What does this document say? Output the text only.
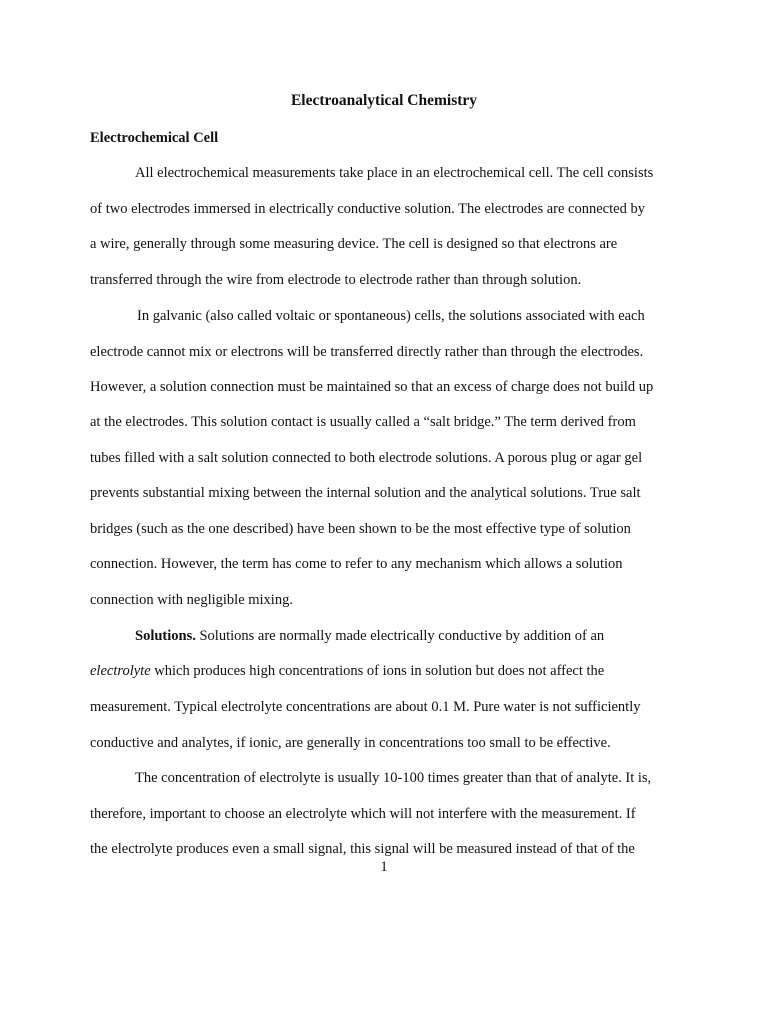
Electroanalytical Chemistry
Electrochemical Cell

All electrochemical measurements take place in an electrochemical cell. The cell consists

of two electrodes immersed in electrically conductive solution. The electrodes are connected by

a wire, generally through some measuring device. The cell is designed so that electrons are

transferred through the wire from electrode to electrode rather than through solution.

In galvanic (also called voltaic or spontaneous) cells, the solutions associated with each

electrode cannot mix or electrons will be transferred directly rather than through the electrodes.

However, a solution connection must be maintained so that an excess of charge does not build up

at the electrodes. This solution contact is usually called a “salt bridge.” The term derived from

tubes filled with a salt solution connected to both electrode solutions. A porous plug or agar gel

prevents substantial mixing between the internal solution and the analytical solutions. True salt

bridges (such as the one described) have been shown to be the most effective type of solution

connection. However, the term has come to refer to any mechanism which allows a solution

connection with negligible mixing.

Solutions. Solutions are normally made electrically conductive by addition of an

electrolyte which produces high concentrations of ions in solution but does not affect the

measurement. Typical electrolyte concentrations are about 0.1 M. Pure water is not sufficiently

conductive and analytes, if ionic, are generally in concentrations too small to be effective.

The concentration of electrolyte is usually 10-100 times greater than that of analyte. It is,

therefore, important to choose an electrolyte which will not interfere with the measurement. If

the electrolyte produces even a small signal, this signal will be measured instead of that of the

1
